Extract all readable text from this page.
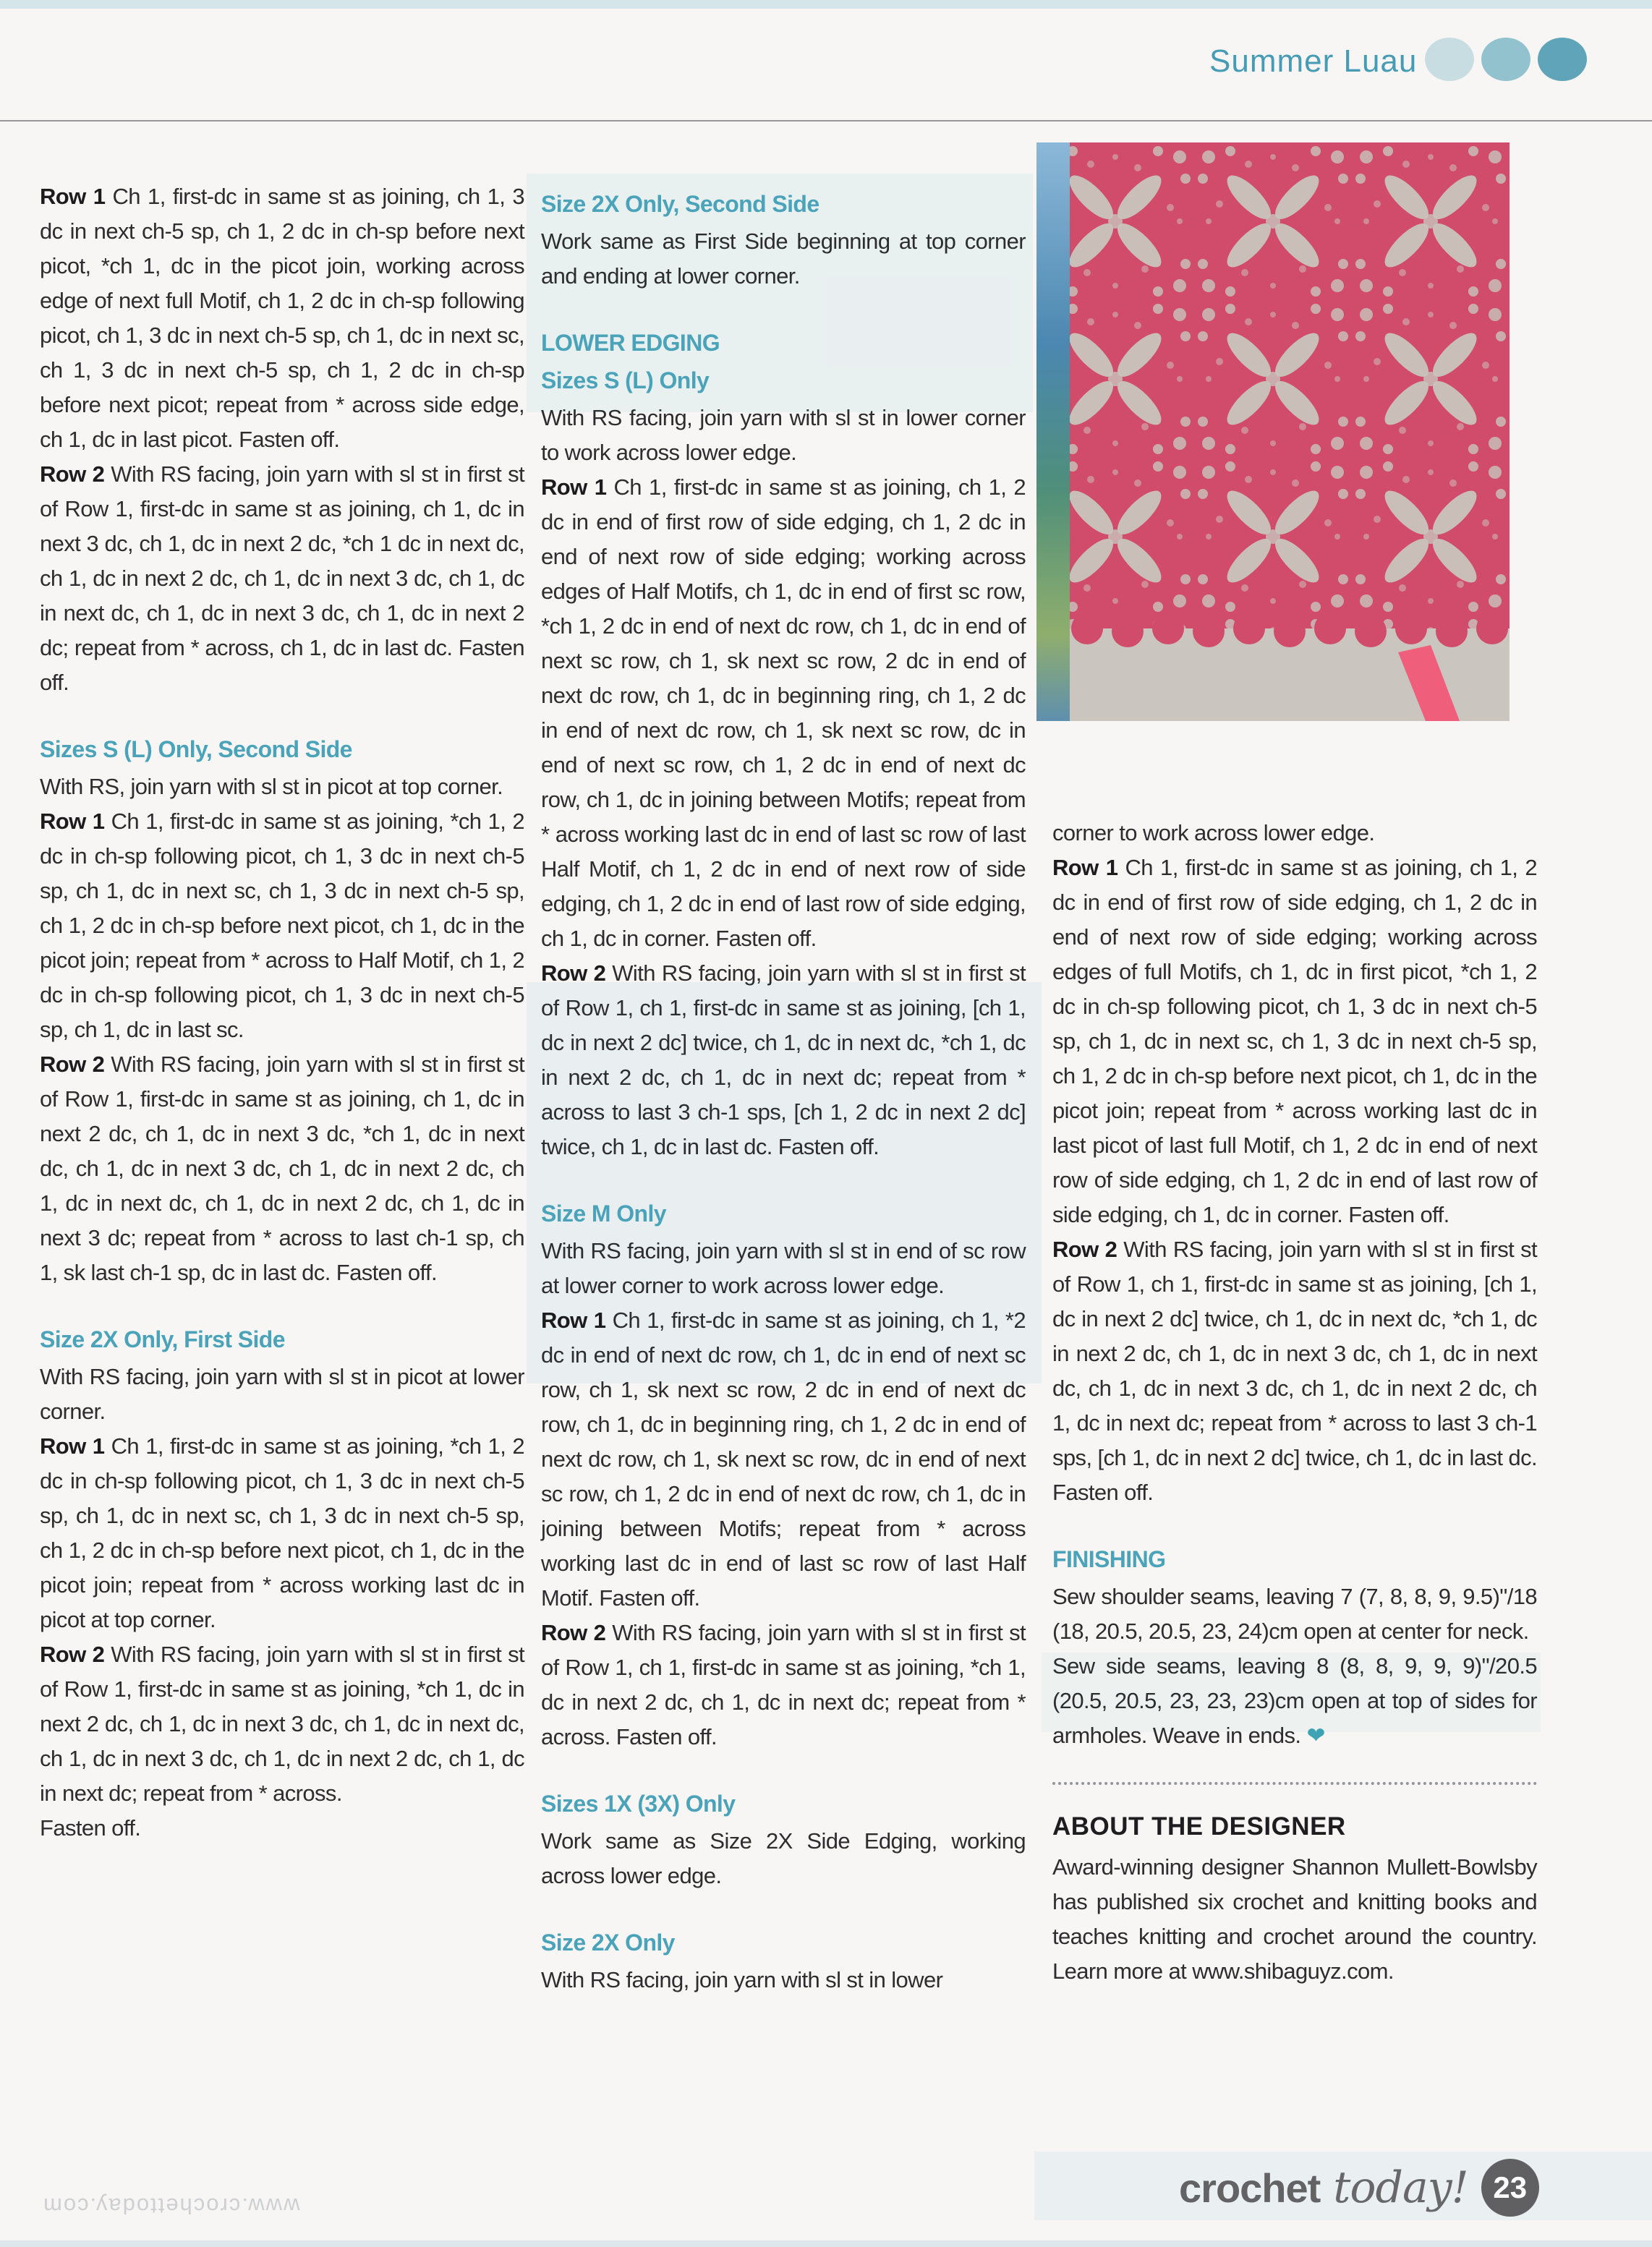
Summer Luau

Row 1 Ch 1, first-dc in same st as joining, ch 1, 3 dc in next ch-5 sp, ch 1, 2 dc in ch-sp before next picot, *ch 1, dc in the picot join, working across edge of next full Motif, ch 1, 2 dc in ch-sp following picot, ch 1, 3 dc in next ch-5 sp, ch 1, dc in next sc, ch 1, 3 dc in next ch-5 sp, ch 1, 2 dc in ch-sp before next picot; repeat from * across side edge, ch 1, dc in last picot. Fasten off.

Row 2 With RS facing, join yarn with sl st in first st of Row 1, first-dc in same st as joining, ch 1, dc in next 3 dc, ch 1, dc in next 2 dc, *ch 1 dc in next dc, ch 1, dc in next 2 dc, ch 1, dc in next 3 dc, ch 1, dc in next dc, ch 1, dc in next 3 dc, ch 1, dc in next 2 dc; repeat from * across, ch 1, dc in last dc. Fasten off.

Sizes S (L) Only, Second Side

With RS, join yarn with sl st in picot at top corner.

Row 1 Ch 1, first-dc in same st as joining, *ch 1, 2 dc in ch-sp following picot, ch 1, 3 dc in next ch-5 sp, ch 1, dc in next sc, ch 1, 3 dc in next ch-5 sp, ch 1, 2 dc in ch-sp before next picot, ch 1, dc in the picot join; repeat from * across to Half Motif, ch 1, 2 dc in ch-sp following picot, ch 1, 3 dc in next ch-5 sp, ch 1, dc in last sc.

Row 2 With RS facing, join yarn with sl st in first st of Row 1, first-dc in same st as joining, ch 1, dc in next 2 dc, ch 1, dc in next 3 dc, *ch 1, dc in next dc, ch 1, dc in next 3 dc, ch 1, dc in next 2 dc, ch 1, dc in next dc, ch 1, dc in next 2 dc, ch 1, dc in next 3 dc; repeat from * across to last ch-1 sp, ch 1, sk last ch-1 sp, dc in last dc. Fasten off.

Size 2X Only, First Side

With RS facing, join yarn with sl st in picot at lower corner.

Row 1 Ch 1, first-dc in same st as joining, *ch 1, 2 dc in ch-sp following picot, ch 1, 3 dc in next ch-5 sp, ch 1, dc in next sc, ch 1, 3 dc in next ch-5 sp, ch 1, 2 dc in ch-sp before next picot, ch 1, dc in the picot join; repeat from * across working last dc in picot at top corner.

Row 2 With RS facing, join yarn with sl st in first st of Row 1, first-dc in same st as joining, *ch 1, dc in next 2 dc, ch 1, dc in next 3 dc, ch 1, dc in next dc, ch 1, dc in next 3 dc, ch 1, dc in next 2 dc, ch 1, dc in next dc; repeat from * across.

Fasten off.

Size 2X Only, Second Side

Work same as First Side beginning at top corner and ending at lower corner.

LOWER EDGING
Sizes S (L) Only

With RS facing, join yarn with sl st in lower corner to work across lower edge.

Row 1 Ch 1, first-dc in same st as joining, ch 1, 2 dc in end of first row of side edging, ch 1, 2 dc in end of next row of side edging; working across edges of Half Motifs, ch 1, dc in end of first sc row, *ch 1, 2 dc in end of next dc row, ch 1, dc in end of next sc row, ch 1, sk next sc row, 2 dc in end of next dc row, ch 1, dc in beginning ring, ch 1, 2 dc in end of next dc row, ch 1, sk next sc row, dc in end of next sc row, ch 1, 2 dc in end of next dc row, ch 1, dc in joining between Motifs; repeat from * across working last dc in end of last sc row of last Half Motif, ch 1, 2 dc in end of next row of side edging, ch 1, 2 dc in end of last row of side edging, ch 1, dc in corner. Fasten off.

Row 2 With RS facing, join yarn with sl st in first st of Row 1, ch 1, first-dc in same st as joining, [ch 1, dc in next 2 dc] twice, ch 1, dc in next dc, *ch 1, dc in next 2 dc, ch 1, dc in next dc; repeat from * across to last 3 ch-1 sps, [ch 1, 2 dc in next 2 dc] twice, ch 1, dc in last dc. Fasten off.

Size M Only

With RS facing, join yarn with sl st in end of sc row at lower corner to work across lower edge.

Row 1 Ch 1, first-dc in same st as joining, ch 1, *2 dc in end of next dc row, ch 1, dc in end of next sc row, ch 1, sk next sc row, 2 dc in end of next dc row, ch 1, dc in beginning ring, ch 1, 2 dc in end of next dc row, ch 1, sk next sc row, dc in end of next sc row, ch 1, 2 dc in end of next dc row, ch 1, dc in joining between Motifs; repeat from * across working last dc in end of last sc row of last Half Motif. Fasten off.

Row 2 With RS facing, join yarn with sl st in first st of Row 1, ch 1, first-dc in same st as joining, *ch 1, dc in next 2 dc, ch 1, dc in next dc; repeat from * across. Fasten off.

Sizes 1X (3X) Only

Work same as Size 2X Side Edging, working across lower edge.

Size 2X Only

With RS facing, join yarn with sl st in lower

corner to work across lower edge.

Row 1 Ch 1, first-dc in same st as joining, ch 1, 2 dc in end of first row of side edging, ch 1, 2 dc in end of next row of side edging; working across edges of full Motifs, ch 1, dc in first picot, *ch 1, 2 dc in ch-sp following picot, ch 1, 3 dc in next ch-5 sp, ch 1, dc in next sc, ch 1, 3 dc in next ch-5 sp, ch 1, 2 dc in ch-sp before next picot, ch 1, dc in the picot join; repeat from * across working last dc in last picot of last full Motif, ch 1, 2 dc in end of next row of side edging, ch 1, 2 dc in end of last row of side edging, ch 1, dc in corner. Fasten off.

Row 2 With RS facing, join yarn with sl st in first st of Row 1, ch 1, first-dc in same st as joining, [ch 1, dc in next 2 dc] twice, ch 1, dc in next dc, *ch 1, dc in next 2 dc, ch 1, dc in next 3 dc, ch 1, dc in next dc, ch 1, dc in next 3 dc, ch 1, dc in next 2 dc, ch 1, dc in next dc; repeat from * across to last 3 ch-1 sps, [ch 1, dc in next 2 dc] twice, ch 1, dc in last dc. Fasten off.

FINISHING

Sew shoulder seams, leaving 7 (7, 8, 8, 9, 9.5)"/18 (18, 20.5, 20.5, 23, 24)cm open at center for neck.

Sew side seams, leaving 8 (8, 8, 9, 9, 9)"/20.5 (20.5, 20.5, 23, 23, 23)cm open at top of sides for armholes. Weave in ends. ❤

ABOUT THE DESIGNER

Award-winning designer Shannon Mullett-Bowlsby has published six crochet and knitting books and teaches knitting and crochet around the country. Learn more at www.shibaguyz.com.

crochet today! 23
www.crochettoday.com
